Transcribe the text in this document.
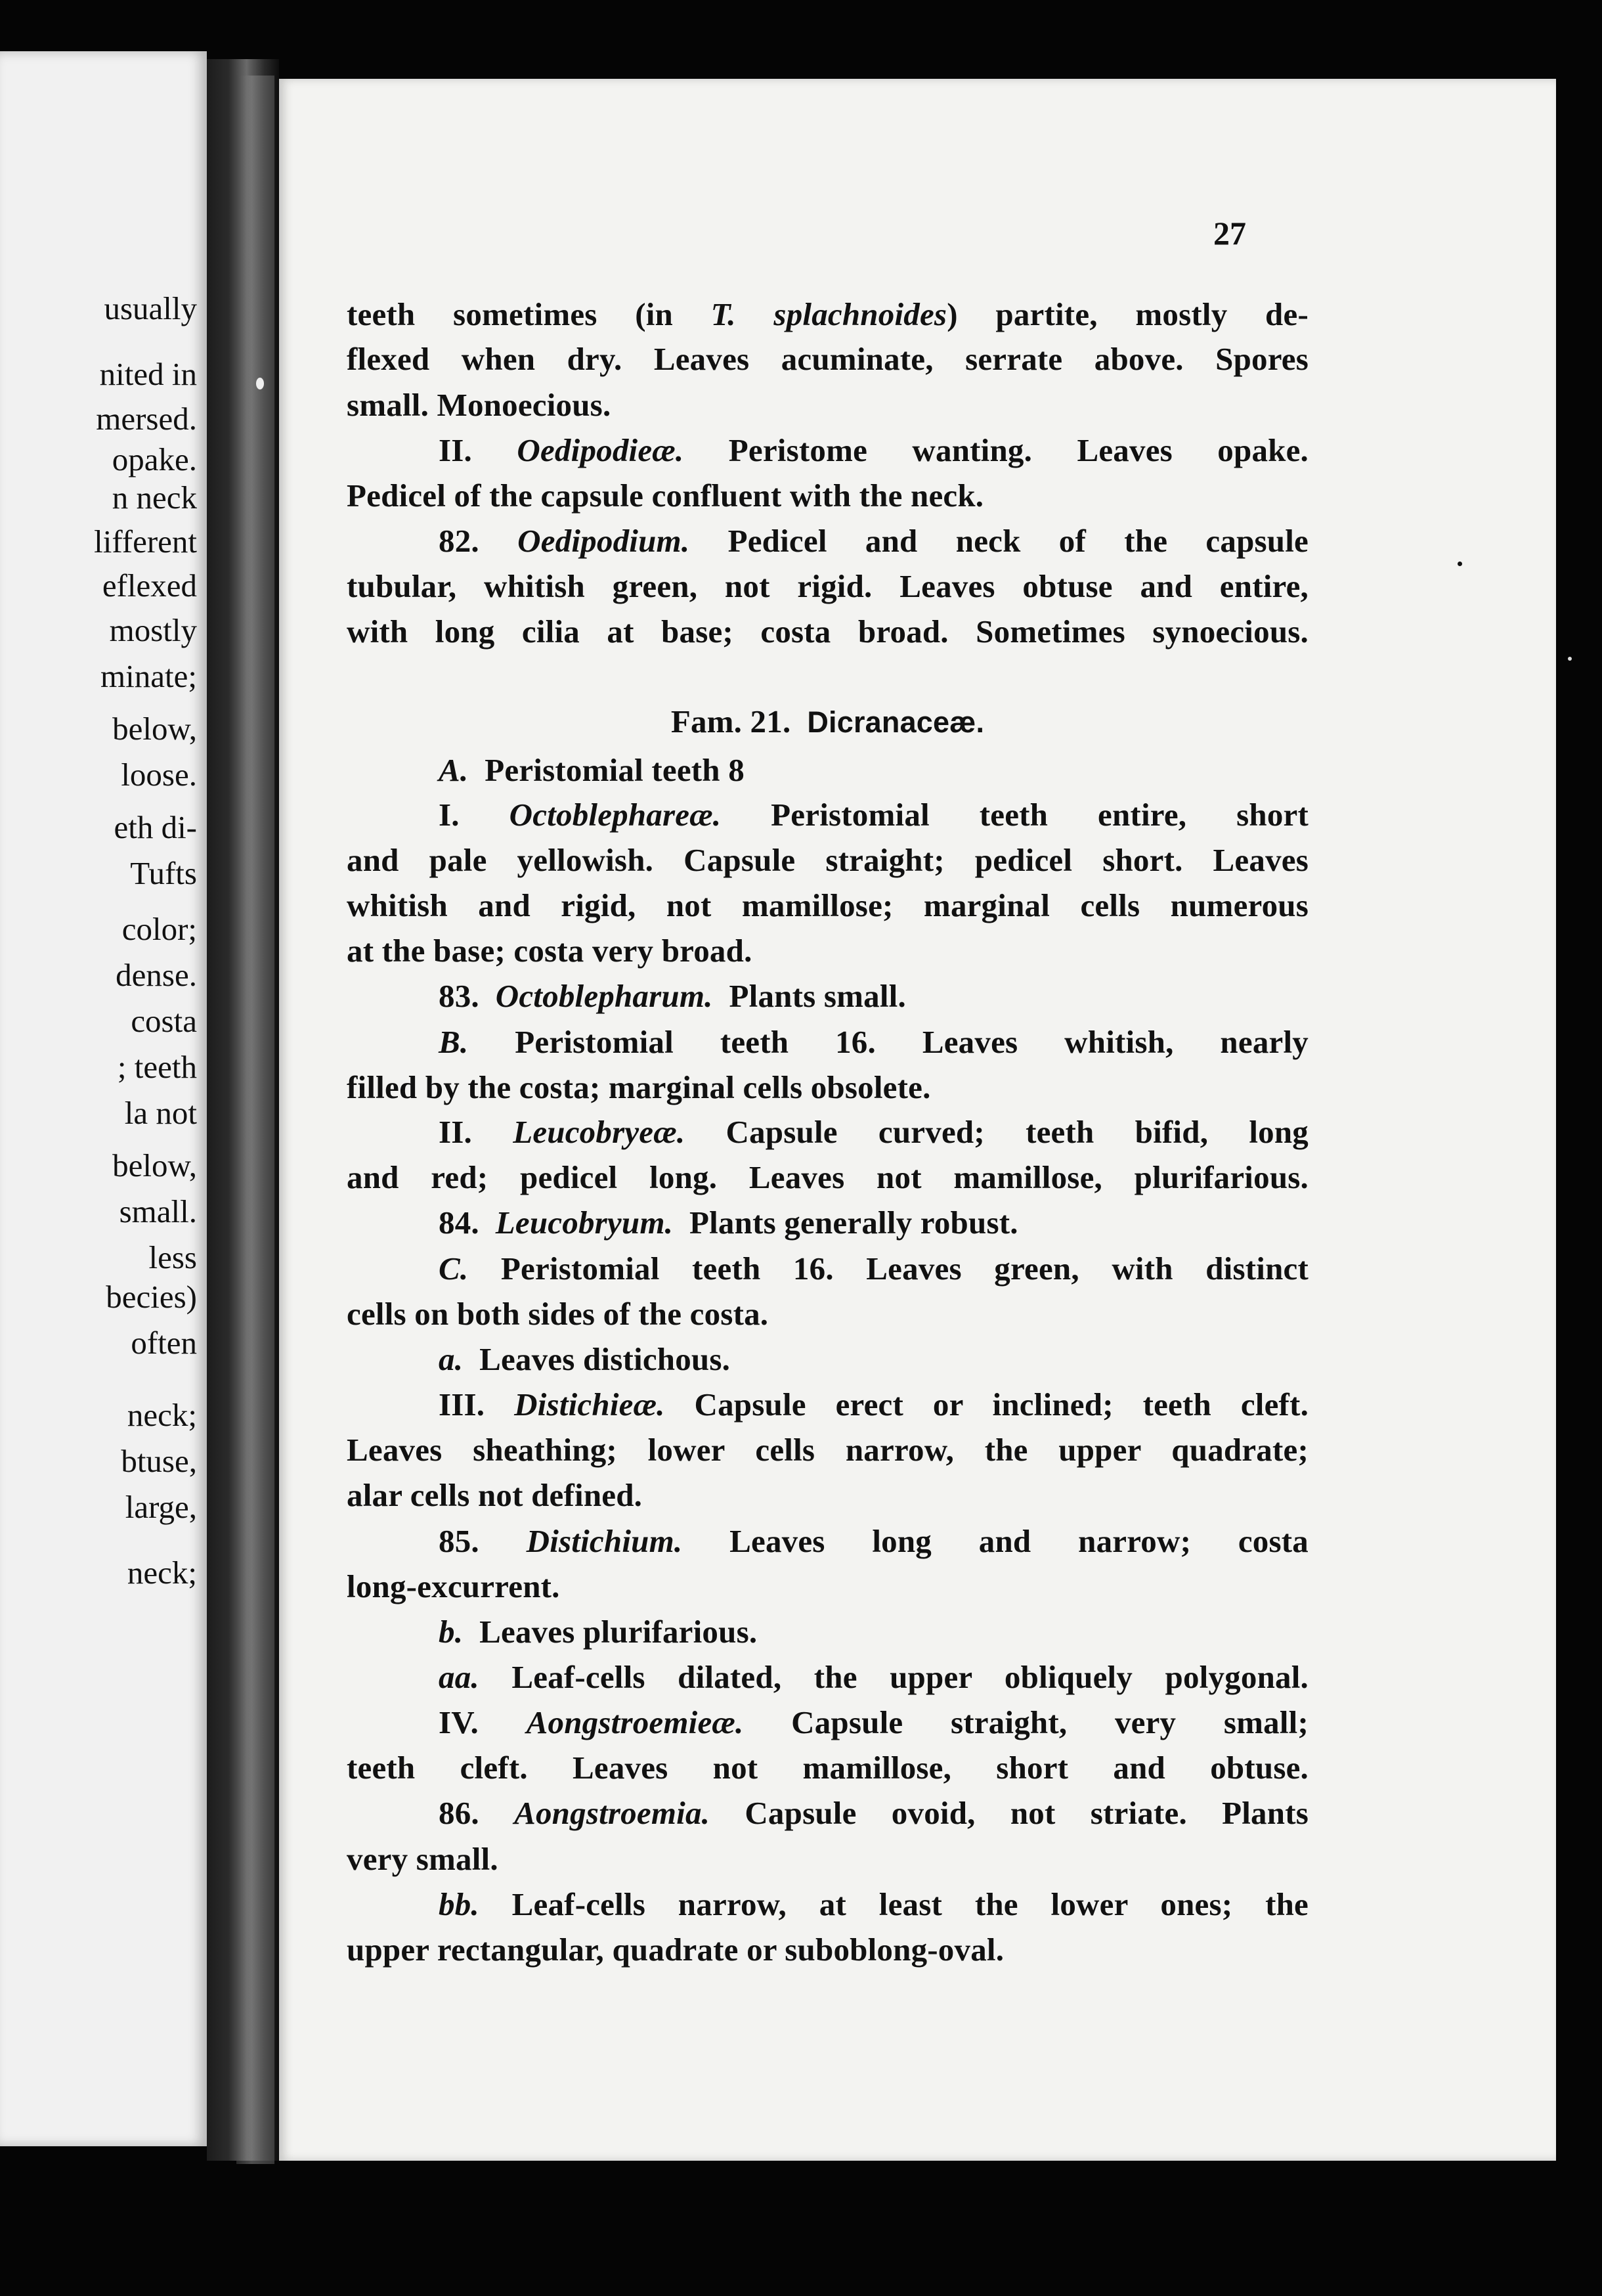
usually
nited in
mersed.
opake.
n neck
lifferent
eflexed
mostly
minate;
below,
loose.
eth di-
Tufts
color;
dense.
costa
; teeth
la not
below,
small.
less
becies)
often
neck;
btuse,
large,
neck;
27
teeth sometimes (in T. splachnoides) partite, mostly de-
flexed when dry. Leaves acuminate, serrate above. Spores
small. Monoecious.
II. Oedipodieæ. Peristome wanting. Leaves opake.
Pedicel of the capsule confluent with the neck.
82. Oedipodium. Pedicel and neck of the capsule
tubular, whitish green, not rigid. Leaves obtuse and entire,
with long cilia at base; costa broad. Sometimes synoecious.
Fam. 21. Dicranaceæ.
A. Peristomial teeth 8
I. Octoblephareæ. Peristomial teeth entire, short
and pale yellowish. Capsule straight; pedicel short. Leaves
whitish and rigid, not mamillose; marginal cells numerous
at the base; costa very broad.
83. Octoblepharum. Plants small.
B. Peristomial teeth 16. Leaves whitish, nearly
filled by the costa; marginal cells obsolete.
II. Leucobryeæ. Capsule curved; teeth bifid, long
and red; pedicel long. Leaves not mamillose, plurifarious.
84. Leucobryum. Plants generally robust.
C. Peristomial teeth 16. Leaves green, with distinct
cells on both sides of the costa.
a. Leaves distichous.
III. Distichieæ. Capsule erect or inclined; teeth cleft.
Leaves sheathing; lower cells narrow, the upper quadrate;
alar cells not defined.
85. Distichium. Leaves long and narrow; costa
long-excurrent.
b. Leaves plurifarious.
aa. Leaf-cells dilated, the upper obliquely polygonal.
IV. Aongstroemieæ. Capsule straight, very small;
teeth cleft. Leaves not mamillose, short and obtuse.
86. Aongstroemia. Capsule ovoid, not striate. Plants
very small.
bb. Leaf-cells narrow, at least the lower ones; the
upper rectangular, quadrate or suboblong-oval.
